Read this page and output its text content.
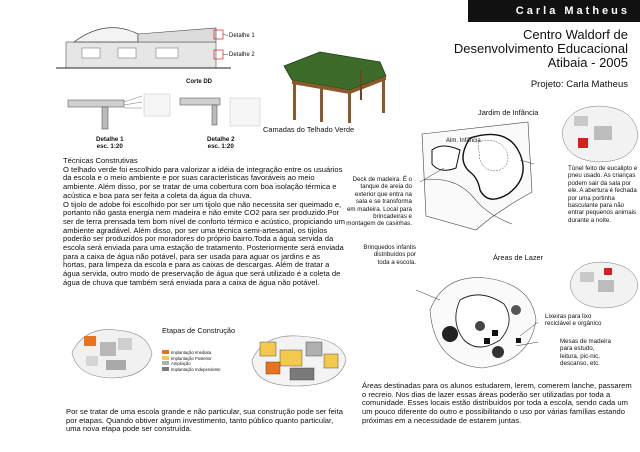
Carla Matheus
Centro Waldorf de
Desenvolvimento Educacional
Atibaia - 2005
Projeto: Carla Matheus
Detalhe 1
Detalhe 2
Corte DD
Detalhe 1
esc. 1:20
Detalhe 2
esc. 1:20
Camadas do Telhado Verde
Técnicas Construtivas
O telhado verde foi escolhido para valorizar a idéia de integração entre os usuários da escola e o meio ambiente e por suas características favoráveis ao meio ambiente. Além disso, por se tratar de uma cobertura com boa isolação térmica e acústica e boa para ser feita a coleta da água da chuva.
O tijolo de adobe foi escolhido por ser um tijolo que não necessita ser queimado e, portanto não gasta energia nem madeira e não emite CO2 para ser produzido.Por ser de terra prensada tem bom nível de conforto térmico e acústico, propiciando um ambiente agradável. Além disso, por ser uma técnica semi-artesanal, os tijolos poderão ser produzidos por moradores do próprio bairro.Toda a água servida da escola será enviada para uma estação de tratamento. Posteriormente será enviada para a caixa de água não potável, para ser usada para aguar os jardins e as hortas, para limpeza da escola e para as caixas de descargas. Além de tratar a água servida, outro modo de preservação de água que será utilizado é a coleta de água de chuva que também será enviada para a caixa de água não potável.
Etapas de Construção
Implantação Imediata
Implantação Posterior
Ampliação
Implantação Independente
Por se tratar de uma escola grande e não particular, sua construção pode ser feita por etapas. Quando obtiver algum investimento, tanto público quanto particular, uma nova etapa pode ser construída.
Jardim de Infância
Alm. Infância
Deck de madeira. É o tanque de areia do exterior que entra na sala e se transforma em madeira. Local para brincadeiras e montagem de casinhas.
Túnel feito de eucalipto e pneu usado. As crianças podem sair da sala por ele. A abertura é fechada por uma portinha basculante para não entrar pequenos animais durante a noite.
Áreas de Lazer
Brinquedos infantis distribuídos por toda a escola.
Lixeiras para lixo reciclável e orgânico
Mesas de madeira para estudo, leitura, pic-nic, descanso, etc.
Áreas destinadas para os alunos estudarem, lerem, comerem lanche, passarem o recreio. Nos dias de lazer essas áreas poderão ser utilizadas por toda a comunidade. Esses locais estão distribuídos por toda a escola, sendo cada um um pouco diferente do outro e possibilitando o uso por várias famílias estando próximas em a necessidade de estarem juntas.
